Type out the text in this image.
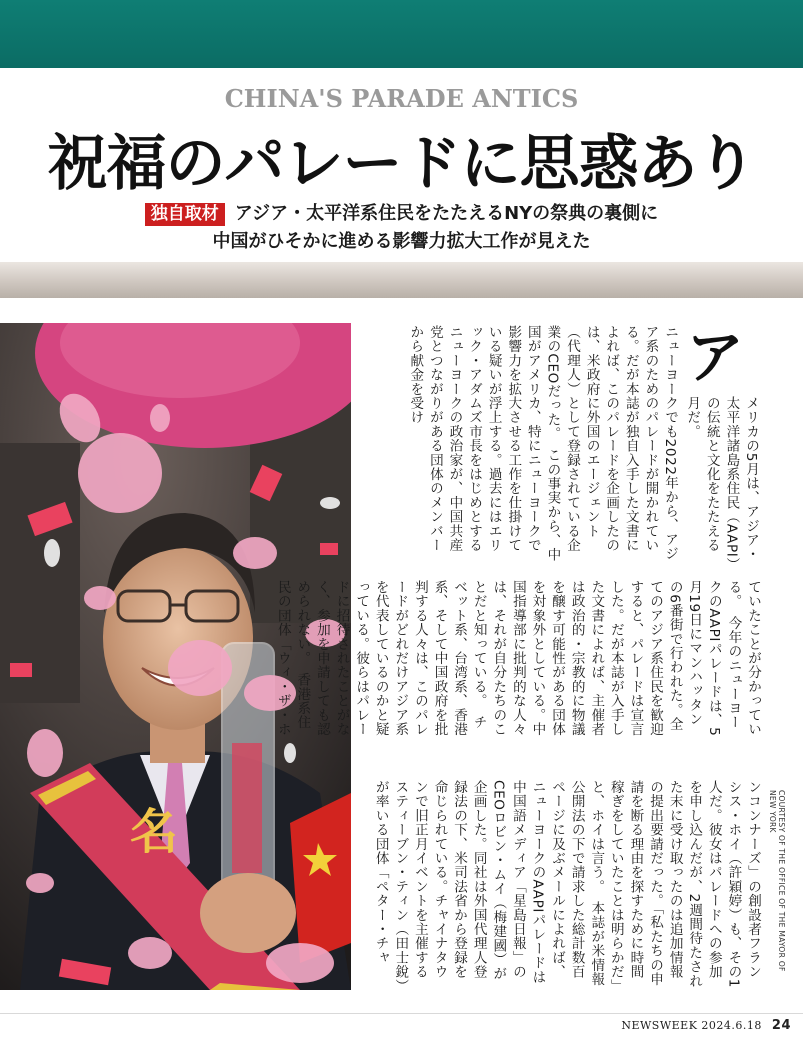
CHINA'S PARADE ANTICS
祝福のパレードに思惑あり
独自取材 アジア・太平洋系住民をたたえるNYの祭典の裏側に
中国がひそかに進める影響力拡大工作が見えた
名
ア
メリカの5月は、アジア・太平洋諸島系住民（AAPI）の伝統と文化をたたえる月だ。
ニューヨークでも2022年から、アジア系のためのパレードが開かれている。だが本誌が独自入手した文書によれば、このパレードを企画したのは、米政府に外国のエージェント（代理人）として登録されている企業のCEOだった。　この事実から、中国がアメリカ、特にニューヨークで影響力を拡大させる工作を仕掛けている疑いが浮上する。過去にはエリック・アダムズ市長をはじめとするニューヨークの政治家が、中国共産党とつながりがある団体のメンバーから献金を受け
ていたことが分かっている。　今年のニューヨークのAAPIパレードは、5月19日にマンハッタンの6番街で行われた。全てのアジア系住民を歓迎すると、パレードは宣言した。だが本誌が入手した文書によれば、主催者は政治的・宗教的に物議を醸す可能性がある団体を対象外としている。中国指導部に批判的な人々は、それが自分たちのことだと知っている。　チベット系、台湾系、香港系、そして中国政府を批判する人々は、このパレードがどれだけアジア系を代表しているのかと疑っている。彼らはパレードに招待されたことがなく、参加を申請しても認められない。　香港系住民の団体「ウィ・ザ・ホ
ンコンナーズ」の創設者フランシス・ホイ（許穎婷）も、その1人だ。彼女はパレードへの参加を申し込んだが、2週間待たされた末に受け取ったのは追加情報の提出要請だった。「私たちの申請を断る理由を探すために時間稼ぎをしていたことは明らかだ」と、ホイは言う。　本誌が米情報公開法の下で請求した総計数百ページに及ぶメールによれば、ニューヨークのAAPIパレードは中国語メディア「星島日報」のCEOロビン・ムイ（梅建國）が企画した。同社は外国代理人登録法の下、米司法省から登録を命じられている。チャイナタウンで旧正月イベントを主催するスティーブン・ティン（田士銳）が率いる団体「ペター・チャ	COURTESY OF THE OFFICE OF THE MAYOR OF NEW YORK
NEWSWEEK 2024.6.18 24
